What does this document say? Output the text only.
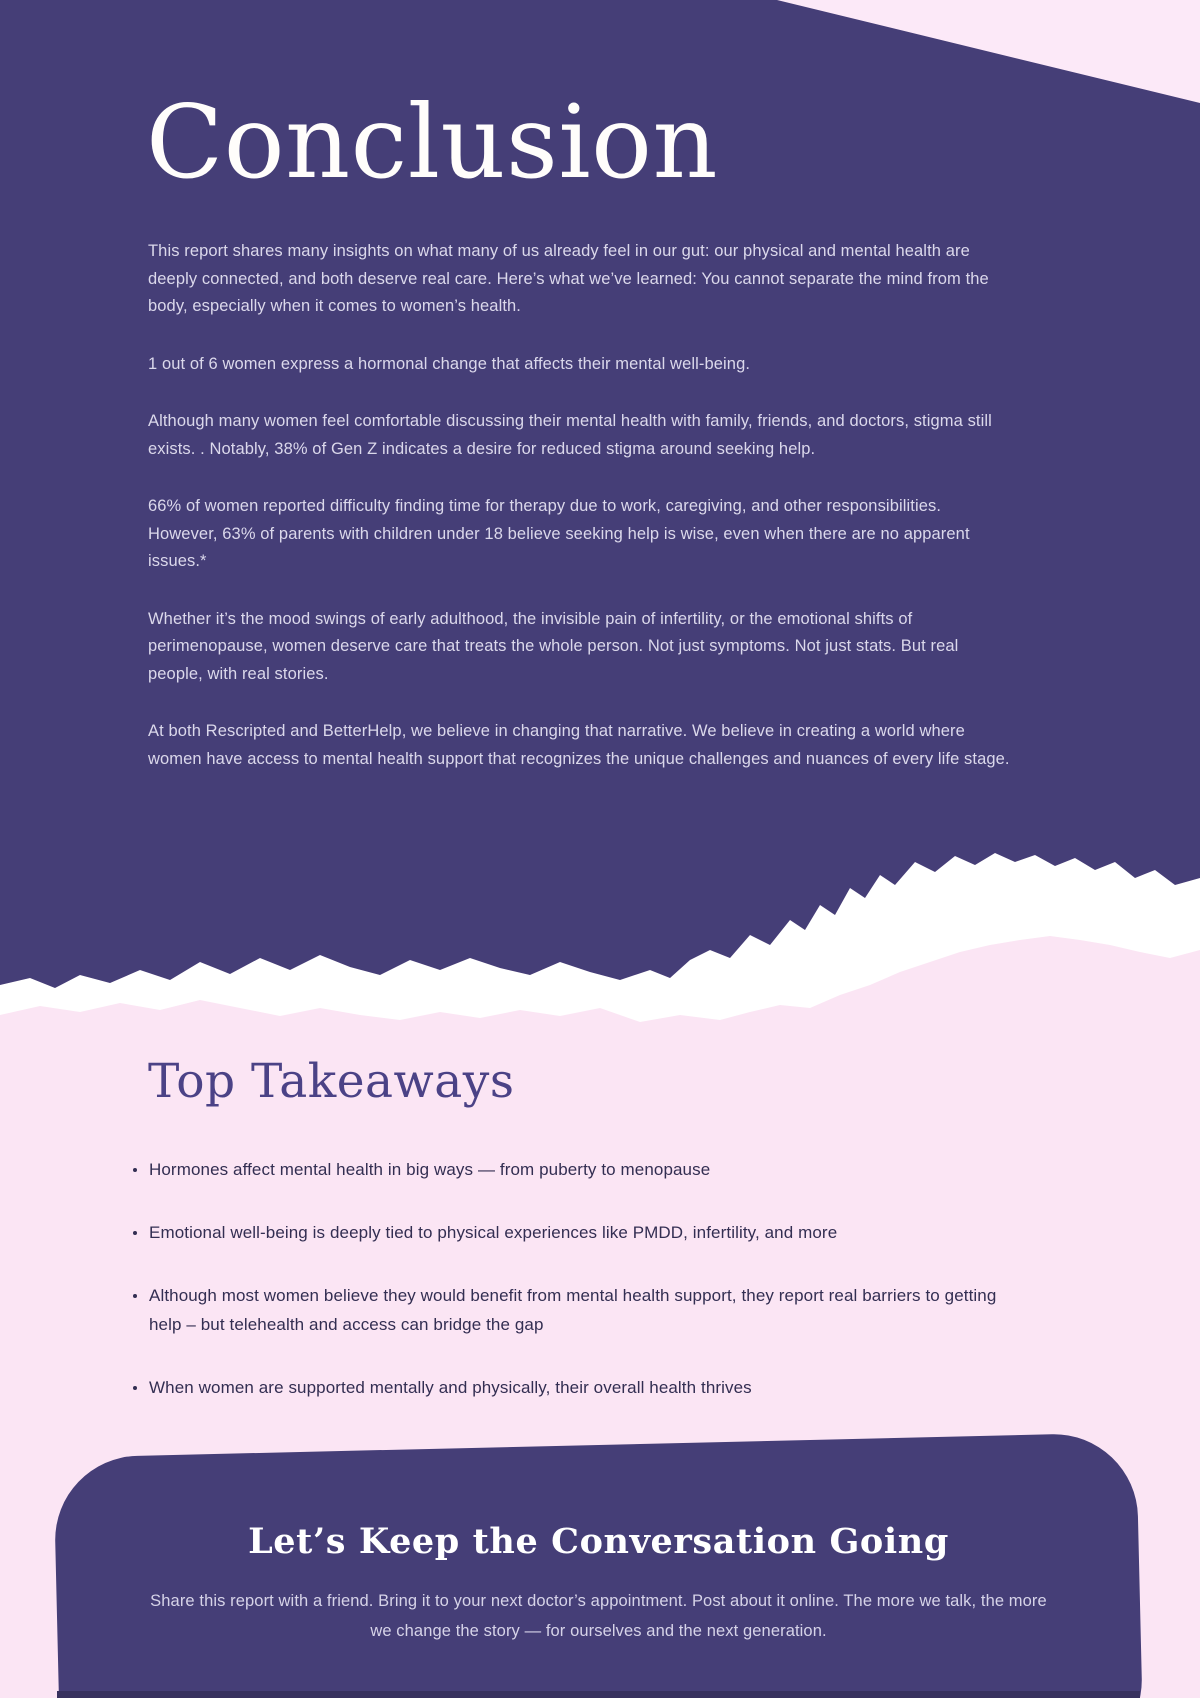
Conclusion

This report shares many insights on what many of us already feel in our gut: our physical and mental health are deeply connected, and both deserve real care. Here’s what we’ve learned: You cannot separate the mind from the body, especially when it comes to women’s health.

1 out of 6 women express a hormonal change that affects their mental well-being.

Although many women feel comfortable discussing their mental health with family, friends, and doctors, stigma still exists. . Notably, 38% of Gen Z indicates a desire for reduced stigma around seeking help.

66% of women reported difficulty finding time for therapy due to work, caregiving, and other responsibilities. However, 63% of parents with children under 18 believe seeking help is wise, even when there are no apparent issues.*

Whether it’s the mood swings of early adulthood, the invisible pain of infertility, or the emotional shifts of perimenopause, women deserve care that treats the whole person. Not just symptoms. Not just stats. But real people, with real stories.

At both Rescripted and BetterHelp, we believe in changing that narrative. We believe in creating a world where women have access to mental health support that recognizes the unique challenges and nuances of every life stage.

Top Takeaways
Hormones affect mental health in big ways — from puberty to menopause
Emotional well-being is deeply tied to physical experiences like PMDD, infertility, and more
Although most women believe they would benefit from mental health support, they report real barriers to getting help – but telehealth and access can bridge the gap
When women are supported mentally and physically, their overall health thrives
Let’s Keep the Conversation Going

Share this report with a friend. Bring it to your next doctor’s appointment. Post about it online. The more we talk, the more we change the story — for ourselves and the next generation.
